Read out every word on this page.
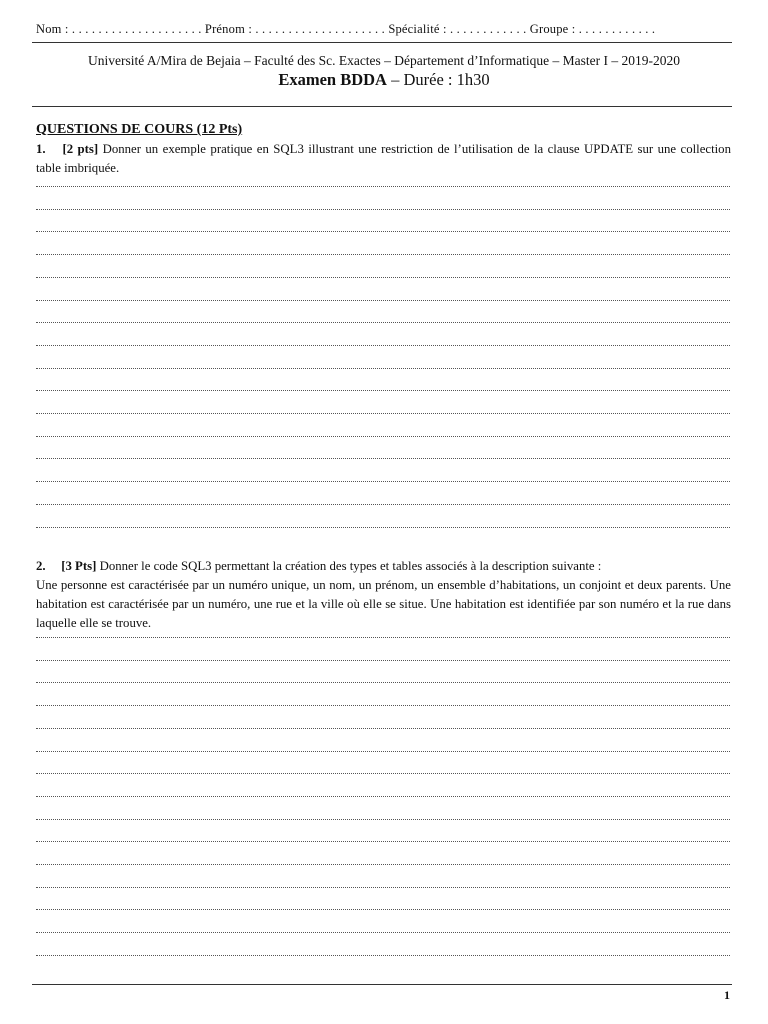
Nom : . . . . . . . . . . . . . . . . . . . . Prénom : . . . . . . . . . . . . . . . . . . . . Spécialité : . . . . . . . . . . . . Groupe : . . . . . . . . . . . .
Université A/Mira de Bejaia – Faculté des Sc. Exactes – Département d’Informatique – Master I – 2019-2020
Examen BDDA – Durée : 1h30
QUESTIONS DE COURS (12 Pts)
1. [2 pts] Donner un exemple pratique en SQL3 illustrant une restriction de l’utilisation de la clause UPDATE sur une collection table imbriquée.
2. [3 Pts] Donner le code SQL3 permettant la création des types et tables associés à la description suivante :
Une personne est caractérisée par un numéro unique, un nom, un prénom, un ensemble d’habitations, un conjoint et deux parents. Une habitation est caractérisée par un numéro, une rue et la ville où elle se situe. Une habitation est identifiée par son numéro et la rue dans laquelle elle se trouve.
1
